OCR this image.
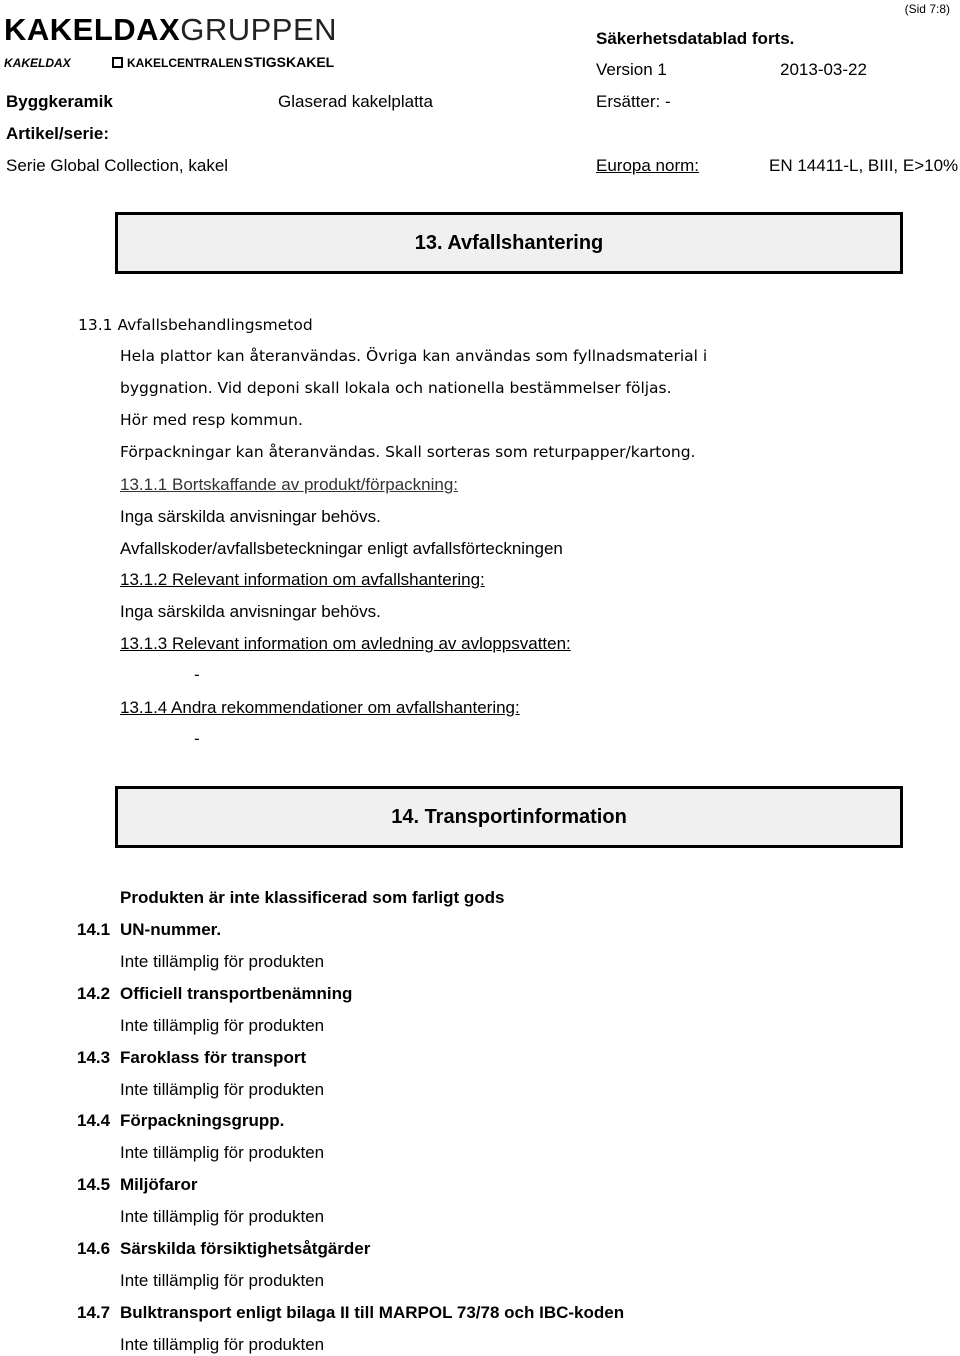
(Sid 7:8)
KAKELDAXGRUPPEN
KAKELDAX	KAKELCENTRALEN STIGSKAKEL
Säkerhetsdatablad forts.
Version 1	2013-03-22
Byggkeramik	Glaserad kakelplatta	Ersätter: -
Artikel/serie:
Serie Global Collection, kakel	Europa norm:	EN 14411-L, BIII, E>10%
13. Avfallshantering
13.1 Avfallsbehandlingsmetod
Hela plattor kan återanvändas. Övriga kan användas som fyllnadsmaterial i
byggnation. Vid deponi skall lokala och nationella bestämmelser följas.
Hör med resp kommun.
Förpackningar kan återanvändas. Skall sorteras som returpapper/kartong.
13.1.1 Bortskaffande av produkt/förpackning:
Inga särskilda anvisningar behövs.
Avfallskoder/avfallsbeteckningar enligt avfallsförteckningen
13.1.2 Relevant information om avfallshantering:
Inga särskilda anvisningar behövs.
13.1.3 Relevant information om avledning av avloppsvatten:
-
13.1.4 Andra rekommendationer om avfallshantering:
-
14. Transportinformation
Produkten är inte klassificerad som farligt gods
14.1 UN-nummer.
Inte tillämplig för produkten
14.2 Officiell transportbenämning
Inte tillämplig för produkten
14.3 Faroklass för transport
Inte tillämplig för produkten
14.4 Förpackningsgrupp.
Inte tillämplig för produkten
14.5 Miljöfaror
Inte tillämplig för produkten
14.6 Särskilda försiktighetsåtgärder
Inte tillämplig för produkten
14.7 Bulktransport enligt bilaga II till MARPOL 73/78 och IBC-koden
Inte tillämplig för produkten
